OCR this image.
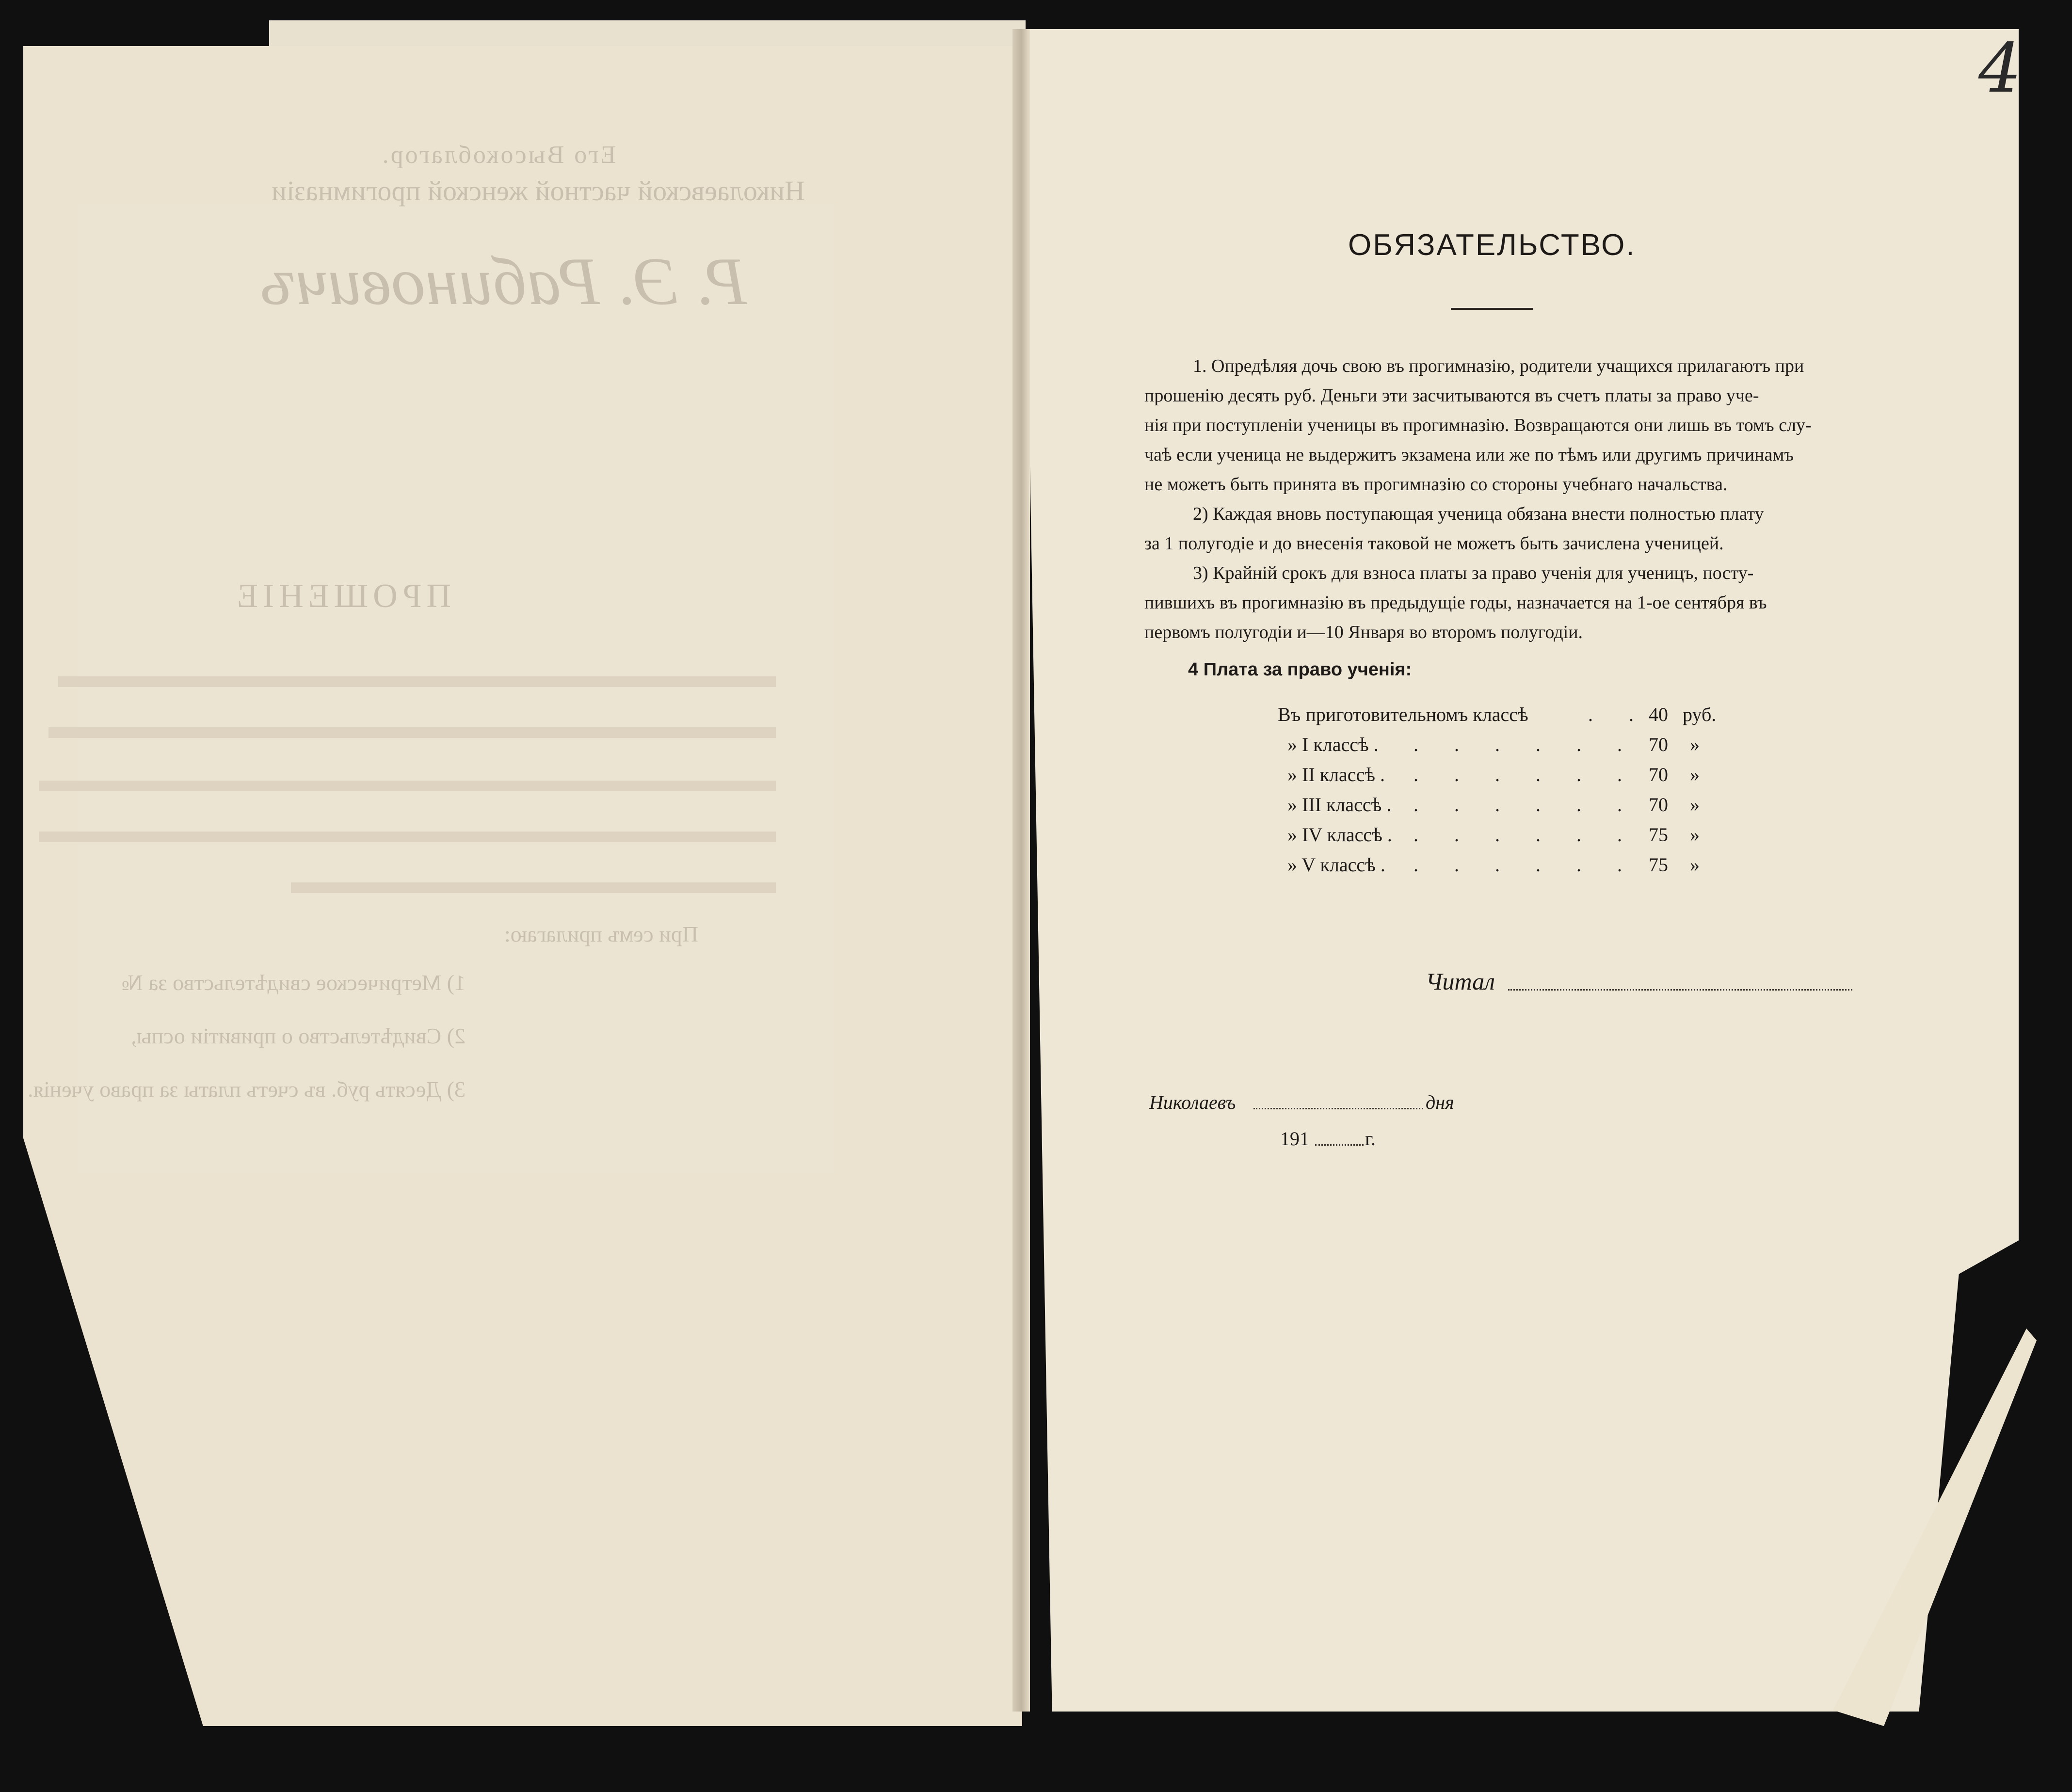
Его Высокоблагор.
Николаевской частной женской прогимназіи
Р. Э. Рабиновичъ
ПРОШЕНІЕ
При семъ прилагаю:
1) Метрическое свидѣтельство за №
2) Свидѣтельство о привитіи оспы,
3) Десять руб. въ счетъ платы за право ученія.
4
ОБЯЗАТЕЛЬСТВО.
1. Опредѣляя дочь свою въ прогимназію, родители учащихся прилагаютъ при
прошенію десять руб. Деньги эти засчитываются въ счетъ платы за право уче-
нія при поступленіи ученицы въ прогимназію. Возвращаются они лишь въ томъ слу-
чаѣ если ученица не выдержитъ экзамена или же по тѣмъ или другимъ причинамъ
не можетъ быть принята въ прогимназію со стороны учебнаго начальства.
2) Каждая вновь поступающая ученица обязана внести полностью плату
за 1 полугодіе и до внесенія таковой не можетъ быть зачислена ученицей.
3) Крайній срокъ для взноса платы за право ученія для ученицъ, посту-
пившихъ въ прогимназію въ предыдущіе годы, назначается на 1-ое сентября въ
первомъ полугодіи и—10 Января во второмъ полугодіи.
4 Плата за право ученія:
Въ приготовительномъ классѣ	. . 40 руб.
» I классѣ . . . . . . . 70 »
» II классѣ . . . . . . . 70 »
» III классѣ . . . . . . . 70 »
» IV классѣ . . . . . . . 75 »
» V классѣ . . . . . . . 75 »
Читал
Николаевъ	дня
191	г.
